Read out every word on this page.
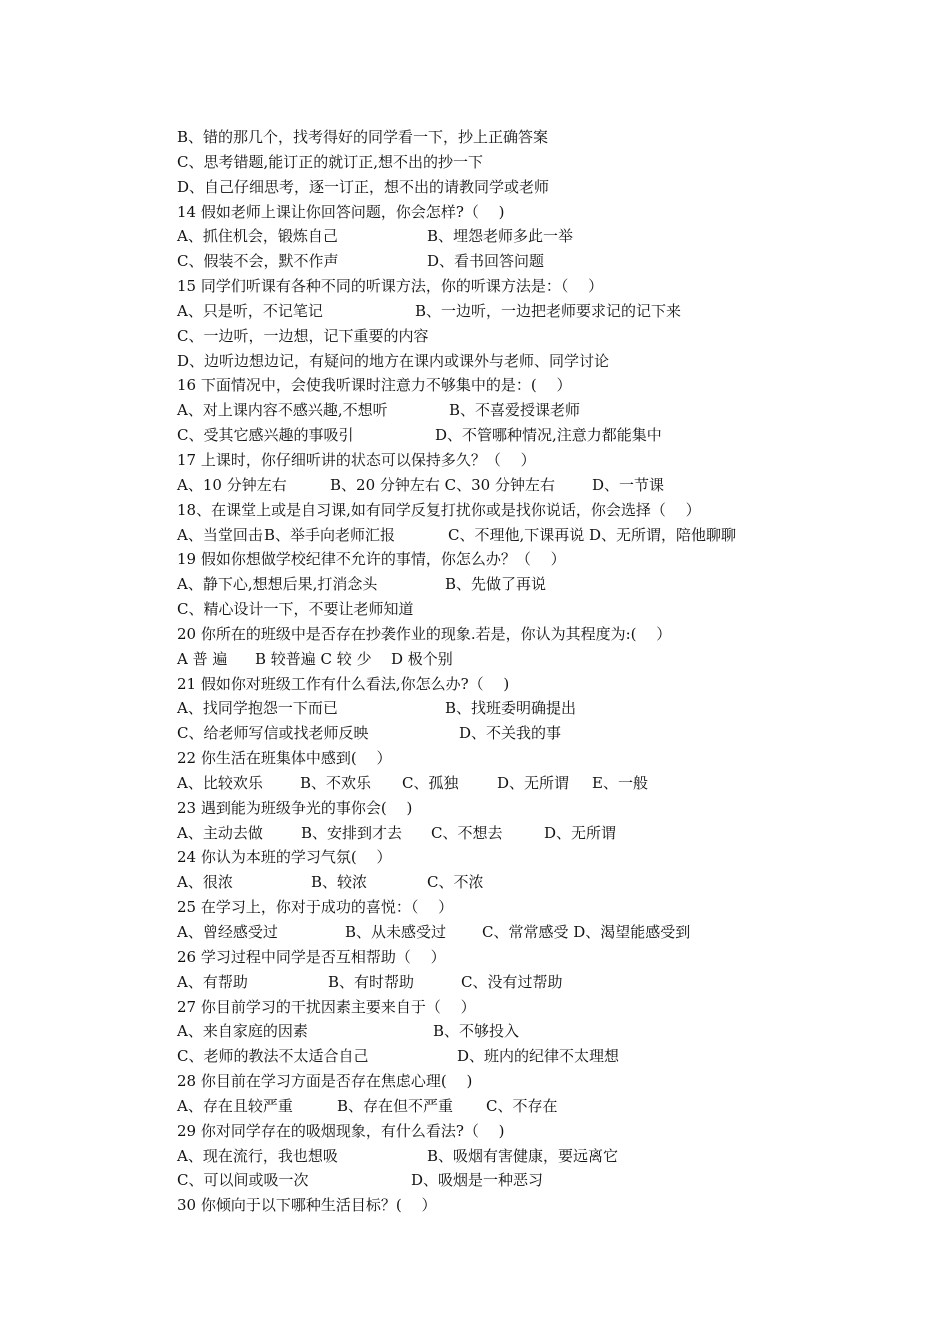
B、错的那几个，找考得好的同学看一下，抄上正确答案
C、思考错题,能订正的就订正,想不出的抄一下
D、自己仔细思考，逐一订正，想不出的请教同学或老师
14 假如老师上课让你回答问题，你会怎样?（　 )
A、抓住机会，锻炼自己	B、埋怨老师多此一举
C、假装不会，默不作声	D、看书回答问题
15 同学们听课有各种不同的听课方法，你的听课方法是：（　 ）
A、只是听，不记笔记	B、一边听，一边把老师要求记的记下来
C、一边听，一边想，记下重要的内容
D、边听边想边记，有疑问的地方在课内或课外与老师、同学讨论
16 下面情况中，会使我听课时注意力不够集中的是：(　 ）
A、对上课内容不感兴趣,不想听	B、不喜爱授课老师
C、受其它感兴趣的事吸引	D、不管哪种情况,注意力都能集中
17 上课时，你仔细听讲的状态可以保持多久？（　 ）
A、10 分钟左右	B、20 分钟左右 C、30 分钟左右 D、一节课
18、在课堂上或是自习课,如有同学反复打扰你或是找你说话，你会选择（　 ）
A、当堂回击 B、举手向老师汇报	C、不理他,下课再说 D、无所谓，陪他聊聊
19 假如你想做学校纪律不允许的事情，你怎么办？（　 ）
A、静下心,想想后果,打消念头	B、先做了再说
C、精心设计一下，不要让老师知道
20 你所在的班级中是否存在抄袭作业的现象.若是，你认为其程度为:(　 ）
A 普 遍 B 较普遍 C 较 少 D 极个别
21 假如你对班级工作有什么看法,你怎么办?（　 )
A、找同学抱怨一下而已	B、找班委明确提出
C、给老师写信或找老师反映	D、不关我的事
22 你生活在班集体中感到(　 ）
A、比较欢乐 B、不欢乐 C、孤独	D、无所谓 E、一般
23 遇到能为班级争光的事你会(　 )
A、主动去做	B、安排到才去 C、不想去	D、无所谓
24 你认为本班的学习气氛(　 ）
A、很浓	B、较浓	C、不浓
25 在学习上，你对于成功的喜悦：（　 ）
A、曾经感受过	B、从未感受过 C、常常感受 D、渴望能感受到
26 学习过程中同学是否互相帮助（　 ）
A、有帮助	B、有时帮助	C、没有过帮助
27 你目前学习的干扰因素主要来自于（　 ）
A、来自家庭的因素	B、不够投入
C、老师的教法不太适合自己	D、班内的纪律不太理想
28 你目前在学习方面是否存在焦虑心理(　 )
A、存在且较严重	B、存在但不严重 C、不存在
29 你对同学存在的吸烟现象，有什么看法?（　 )
A、现在流行，我也想吸	B、吸烟有害健康，要远离它
C、可以间或吸一次	D、吸烟是一种恶习
30 你倾向于以下哪种生活目标？(　 ）
